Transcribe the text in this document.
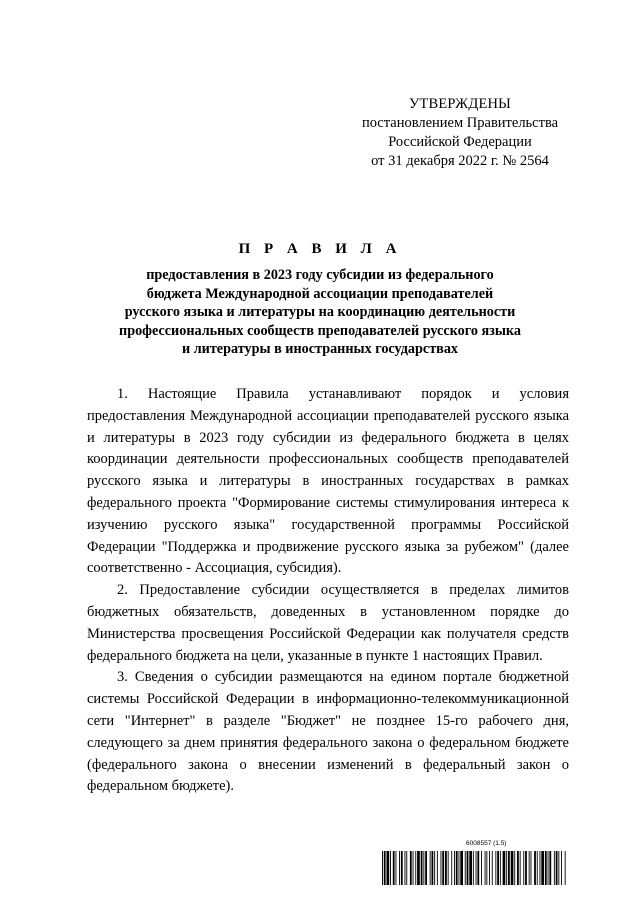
УТВЕРЖДЕНЫ
постановлением Правительства
Российской Федерации
от 31 декабря 2022 г. № 2564
П Р А В И Л А
предоставления в 2023 году субсидии из федерального
бюджета Международной ассоциации преподавателей
русского языка и литературы на координацию деятельности
профессиональных сообществ преподавателей русского языка
и литературы в иностранных государствах

1. Настоящие Правила устанавливают порядок и условия предоставления Международной ассоциации преподавателей русского языка и литературы в 2023 году субсидии из федерального бюджета в целях координации деятельности профессиональных сообществ преподавателей русского языка и литературы в иностранных государствах в рамках федерального проекта "Формирование системы стимулирования интереса к изучению русского языка" государственной программы Российской Федерации "Поддержка и продвижение русского языка за рубежом" (далее соответственно - Ассоциация, субсидия).

2. Предоставление субсидии осуществляется в пределах лимитов бюджетных обязательств, доведенных в установленном порядке до Министерства просвещения Российской Федерации как получателя средств федерального бюджета на цели, указанные в пункте 1 настоящих Правил.

3. Сведения о субсидии размещаются на едином портале бюджетной системы Российской Федерации в информационно-телекоммуникационной сети "Интернет" в разделе "Бюджет" не позднее 15-го рабочего дня, следующего за днем принятия федерального закона о федеральном бюджете (федерального закона о внесении изменений в федеральный закон о федеральном бюджете).

6008557 (1.5)
